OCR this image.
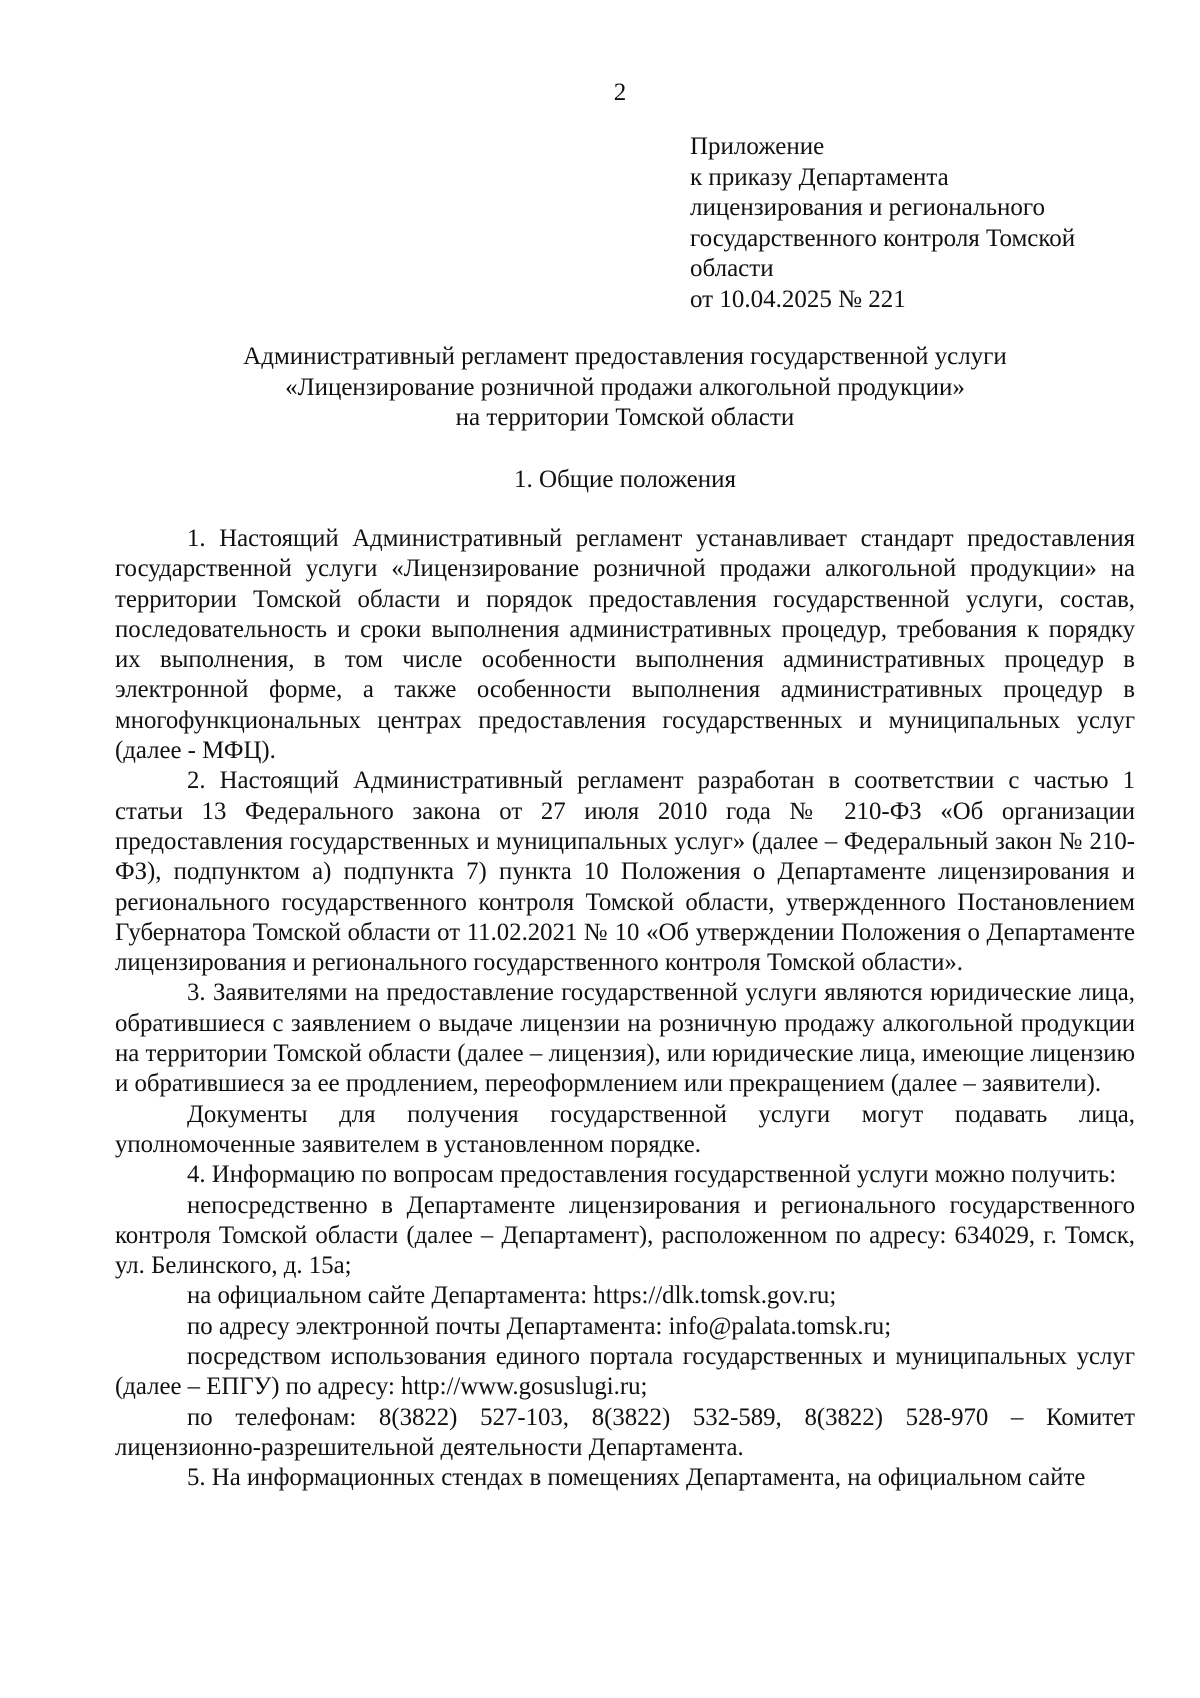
2
Приложение
к приказу Департамента
лицензирования и регионального
государственного контроля Томской
области
от 10.04.2025 № 221
Административный регламент предоставления государственной услуги
«Лицензирование розничной продажи алкогольной продукции»
на территории Томской области
1. Общие положения

1. Настоящий Административный регламент устанавливает стандарт предоставления государственной услуги «Лицензирование розничной продажи алкогольной продукции» на территории Томской области и порядок предоставления государственной услуги, состав, последовательность и сроки выполнения административных процедур, требования к порядку их выполнения, в том числе особенности выполнения административных процедур в электронной форме, а также особенности выполнения административных процедур в многофункциональных центрах предоставления государственных и муниципальных услуг (далее - МФЦ).

2. Настоящий Административный регламент разработан в соответствии с частью 1 статьи 13 Федерального закона от 27 июля 2010 года № 210-ФЗ «Об организации предоставления государственных и муниципальных услуг» (далее – Федеральный закон № 210-ФЗ), подпунктом а) подпункта 7) пункта 10 Положения о Департаменте лицензирования и регионального государственного контроля Томской области, утвержденного Постановлением Губернатора Томской области от 11.02.2021 № 10 «Об утверждении Положения о Департаменте лицензирования и регионального государственного контроля Томской области».

3. Заявителями на предоставление государственной услуги являются юридические лица, обратившиеся с заявлением о выдаче лицензии на розничную продажу алкогольной продукции на территории Томской области (далее – лицензия), или юридические лица, имеющие лицензию и обратившиеся за ее продлением, переоформлением или прекращением (далее – заявители).

Документы для получения государственной услуги могут подавать лица, уполномоченные заявителем в установленном порядке.

4. Информацию по вопросам предоставления государственной услуги можно получить:

непосредственно в Департаменте лицензирования и регионального государственного контроля Томской области (далее – Департамент), расположенном по адресу: 634029, г. Томск, ул. Белинского, д. 15а;

на официальном сайте Департамента: https://dlk.tomsk.gov.ru;

по адресу электронной почты Департамента: info@palata.tomsk.ru;

посредством использования единого портала государственных и муниципальных услуг (далее – ЕПГУ) по адресу: http://www.gosuslugi.ru;

по телефонам: 8(3822) 527-103, 8(3822) 532-589, 8(3822) 528-970 – Комитет лицензионно-разрешительной деятельности Департамента.

5. На информационных стендах в помещениях Департамента, на официальном сайте
